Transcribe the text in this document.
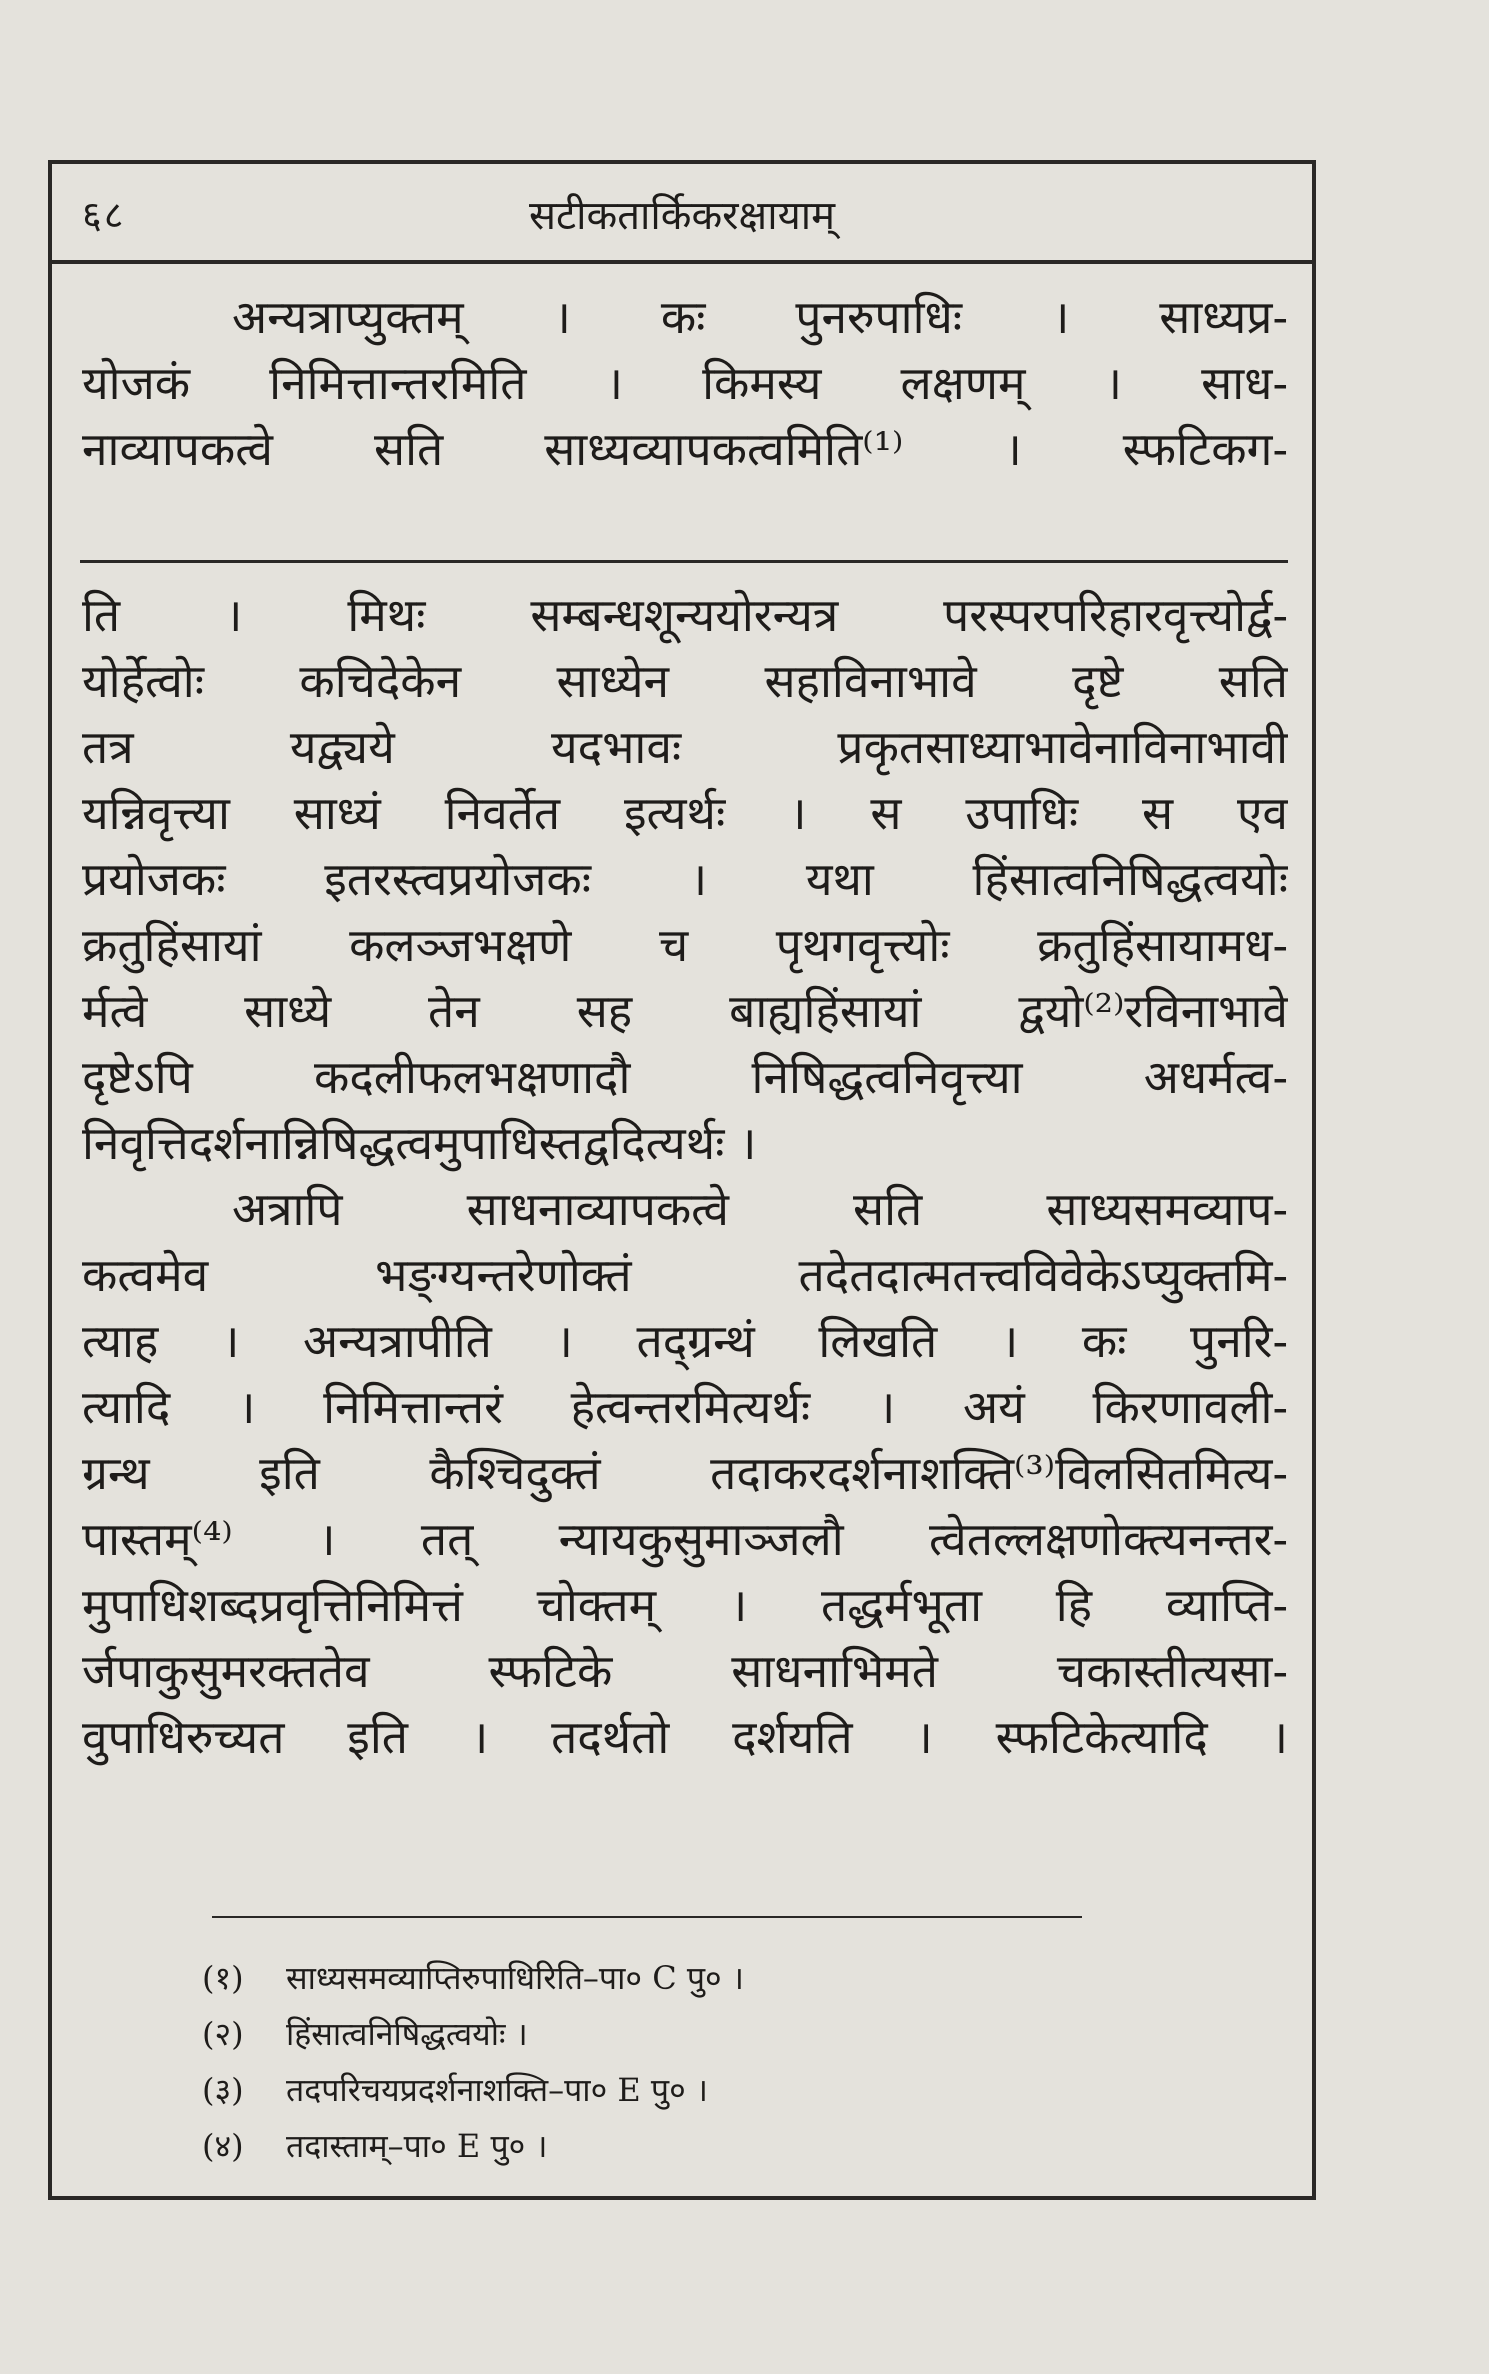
६८	सटीकतार्किकरक्षायाम्
अन्यत्राप्युक्तम् । कः पुनरुपाधिः । साध्यप्र-
योजकं निमित्तान्तरमिति । किमस्य लक्षणम् । साध-
नाव्यापकत्वे सति साध्यव्यापकत्वमिति⁽¹⁾ । स्फटिकग-
ति । मिथः सम्बन्धशून्ययोरन्यत्र परस्परपरिहारवृत्त्योर्द्व-
योर्हेत्वोः कचिदेकेन साध्येन सहाविनाभावे दृष्टे सति
तत्र यद्व्यये यदभावः प्रकृतसाध्याभावेनाविनाभावी
यन्निवृत्त्या साध्यं निवर्तेत इत्यर्थः । स उपाधिः स एव
प्रयोजकः इतरस्त्वप्रयोजकः । यथा हिंसात्वनिषिद्धत्वयोः
क्रतुहिंसायां कलञ्जभक्षणे च पृथगवृत्त्योः क्रतुहिंसायामध-
र्मत्वे साध्ये तेन सह बाह्यहिंसायां द्वयो⁽²⁾रविनाभावे
दृष्टेऽपि कदलीफलभक्षणादौ निषिद्धत्वनिवृत्त्या अधर्मत्व-
निवृत्तिदर्शनान्निषिद्धत्वमुपाधिस्तद्वदित्यर्थः ।
अत्रापि साधनाव्यापकत्वे सति साध्यसमव्याप-
कत्वमेव भङ्ग्यन्तरेणोक्तं तदेतदात्मतत्त्वविवेकेऽप्युक्तमि-
त्याह । अन्यत्रापीति । तद्ग्रन्थं लिखति । कः पुनरि-
त्यादि । निमित्तान्तरं हेत्वन्तरमित्यर्थः । अयं किरणावली-
ग्रन्थ इति कैश्चिदुक्तं तदाकरदर्शनाशक्ति⁽³⁾विलसितमित्य-
पास्तम्⁽⁴⁾ । तत् न्यायकुसुमाञ्जलौ त्वेतल्लक्षणोक्त्यनन्तर-
मुपाधिशब्दप्रवृत्तिनिमित्तं चोक्तम् । तद्धर्मभूता हि व्याप्ति-
र्जपाकुसुमरक्ततेव स्फटिके साधनाभिमते चकास्तीत्यसा-
वुपाधिरुच्यत इति । तदर्थतो दर्शयति । स्फटिकेत्यादि ।
(१) साध्यसमव्याप्तिरुपाधिरिति–पा० C पु० ।
(२) हिंसात्वनिषिद्धत्वयोः ।
(३) तदपरिचयप्रदर्शनाशक्ति–पा० E पु० ।
(४) तदास्ताम्–पा० E पु० ।
